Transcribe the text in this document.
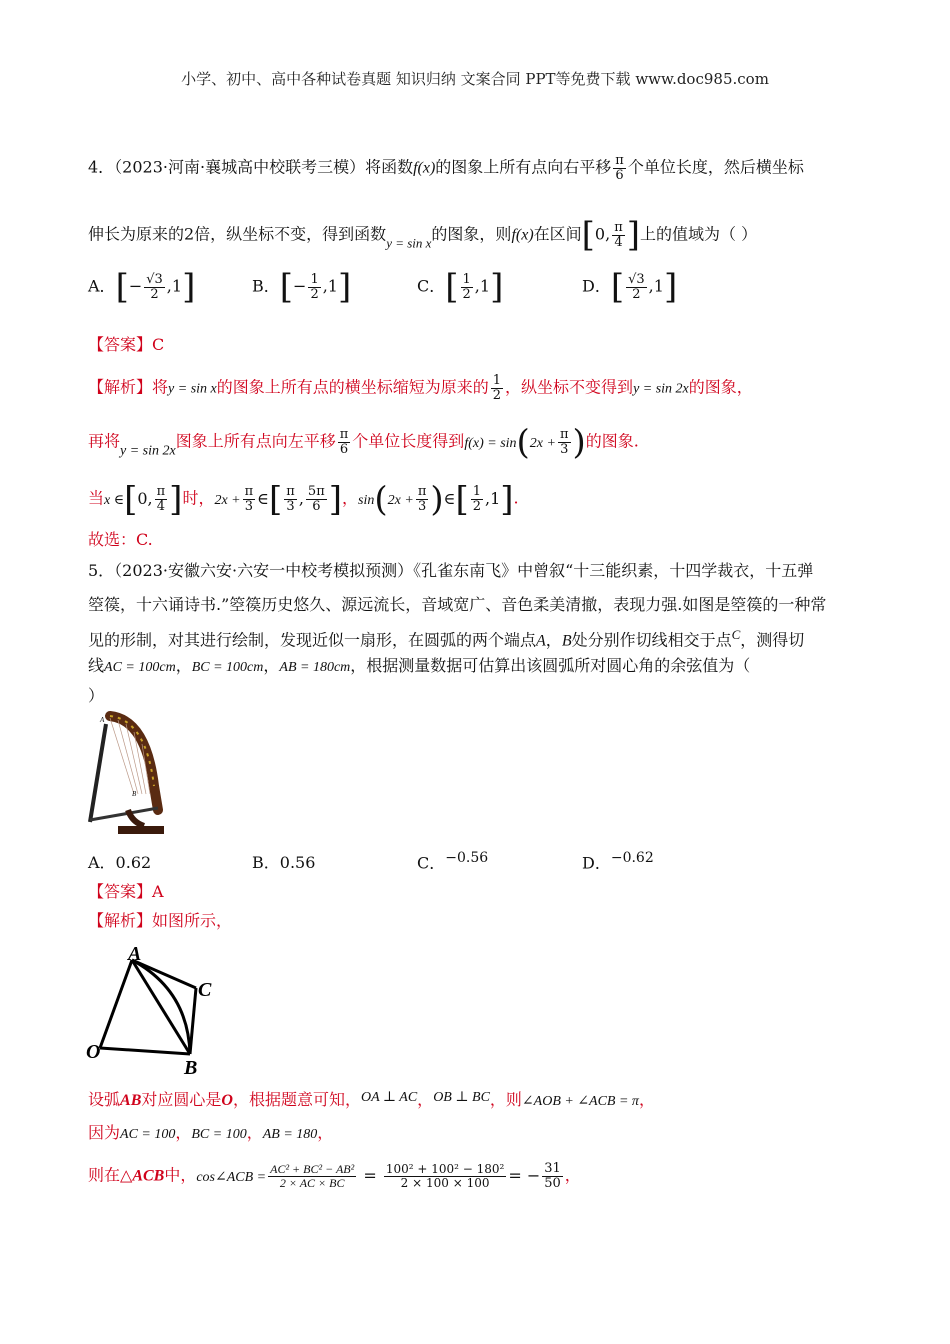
小学、初中、高中各种试卷真题 知识归纳 文案合同 PPT等免费下载 www.doc985.com
4．（2023·河南·襄城高中校联考三模）将函数f(x)的图象上所有点向右平移 $\frac{\pi}{6}$ 个单位长度，然后横坐标
伸长为原来的2倍，纵坐标不变，得到函数$_{y = sin x}$的图象，则f(x)在区间[0, $\frac{\pi}{4}$ ]上的值域为（ ）
A．[− $\frac{√3}{2} ,1$]	B．[− $\frac{1}{2} ,1$]	C．[ $\frac{1}{2} ,1$]	D．[ $\frac{√3}{2} ,1$]
【答案】C
【解析】将y = sin x的图象上所有点的横坐标缩短为原来的 $\frac{1}{2}$ ，纵坐标不变得到y = sin 2x的图象，
再将y = sin 2x图象上所有点向左平移 $\frac{\pi}{6}$ 个单位长度得到$f(x) = \sin(2x + \frac{\pi}{3}$ )的图象.
当x ∈[0, $\frac{\pi}{4}$ ]时，$2x + \frac{\pi}{3}$ ∈[ $\frac{\pi}{3}$ , $\frac{5\pi}{6}$ ]，$\sin(2x + \frac{\pi}{3}$ )∈[ $\frac{1}{2} ,1$].
故选：C.
5．（2023·安徽六安·六安一中校考模拟预测）《孔雀东南飞》中曾叙“十三能织素，十四学裁衣，十五弹
箜篌，十六诵诗书.”箜篌历史悠久、源远流长，音域宽广、音色柔美清撤，表现力强.如图是箜篌的一种常
见的形制，对其进行绘制，发现近似一扇形，在圆弧的两个端点A，B处分别作切线相交于点$^C$，测得切
线AC = 100cm，BC = 100cm，AB = 180cm，根据测量数据可估算出该圆弧所对圆心角的余弦值为（
）
A
B
A．0.62	B．0.56	C．−0.56	D．−0.62
【答案】A
【解析】如图所示，
A
C
O
B
设弧AB对应圆心是O，根据题意可知，OA ⊥ AC，OB ⊥ BC，则∠AOB + ∠ACB = π，
因为AC = 100，BC = 100，AB = 180，
则在△ACB中，cos∠ACB = $\frac{\text{AC² + BC² − AB²}}{2 \times AC \times BC} = \frac{\text{100² + 100² − 180²}}{2 \times 100 \times 100}$ = − $\frac{31}{50}$ ，
